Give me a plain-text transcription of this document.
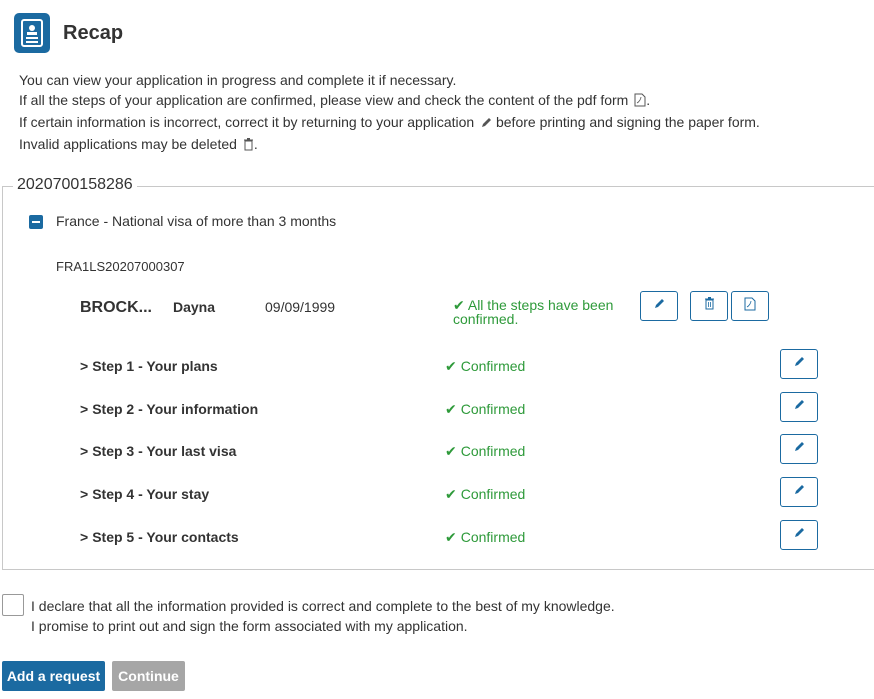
Recap
You can view your application in progress and complete it if necessary.
If all the steps of your application are confirmed, please view and check the content of the pdf form .
If certain information is incorrect, correct it by returning to your application before printing and signing the paper form.
Invalid applications may be deleted .
2020700158286
France - National visa of more than 3 months
FRA1LS20207000307
BROCK... Dayna	09/09/1999	✔ All the steps have been confirmed.
> Step 1 - Your plans	✔ Confirmed
> Step 2 - Your information	✔ Confirmed
> Step 3 - Your last visa	✔ Confirmed
> Step 4 - Your stay	✔ Confirmed
> Step 5 - Your contacts	✔ Confirmed
I declare that all the information provided is correct and complete to the best of my knowledge.
I promise to print out and sign the form associated with my application.
Add a request	Continue
